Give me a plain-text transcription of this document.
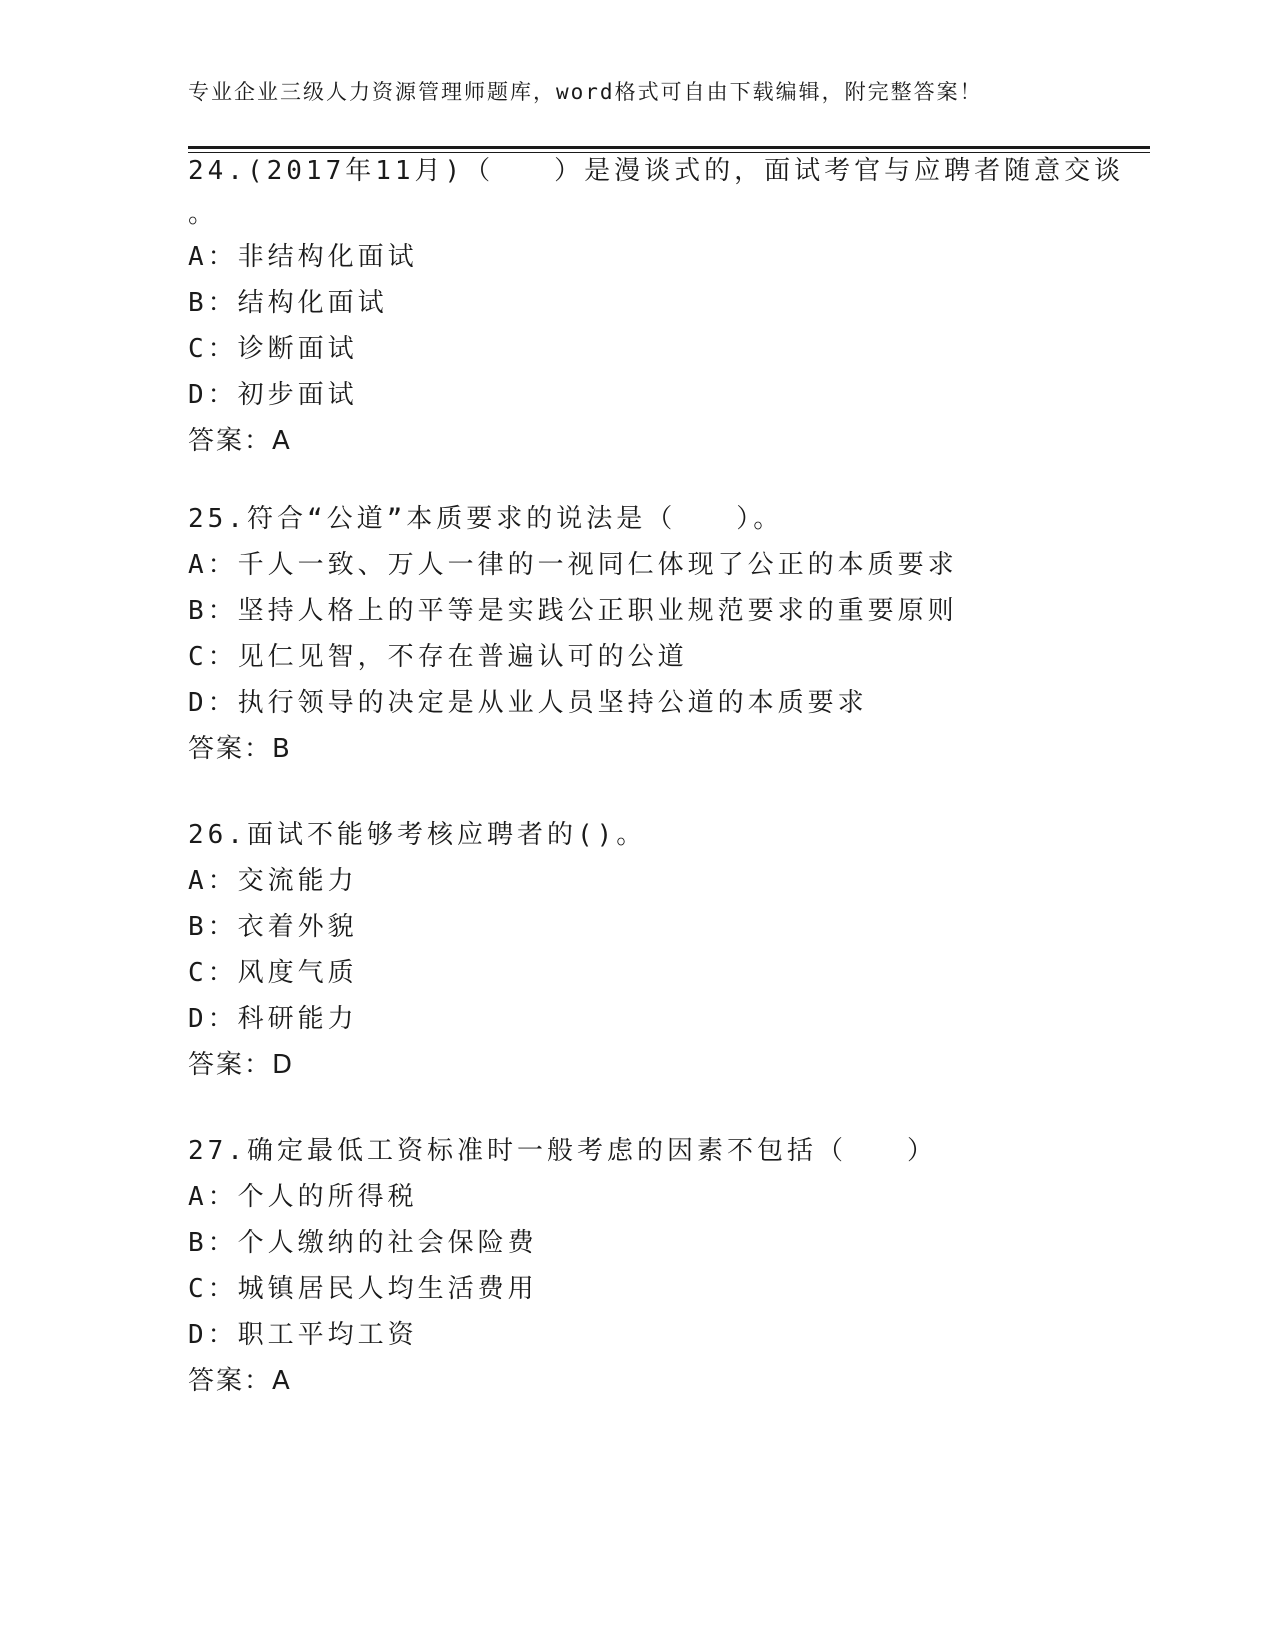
专业企业三级人力资源管理师题库，word格式可自由下载编辑，附完整答案！
24.(2017年11月)（　　）是漫谈式的，面试考官与应聘者随意交谈
。
A：非结构化面试
B：结构化面试
C：诊断面试
D：初步面试
答案：A
25.符合“公道”本质要求的说法是（　　）。
A：千人一致、万人一律的一视同仁体现了公正的本质要求
B：坚持人格上的平等是实践公正职业规范要求的重要原则
C：见仁见智，不存在普遍认可的公道
D：执行领导的决定是从业人员坚持公道的本质要求
答案：B
26.面试不能够考核应聘者的()。
A：交流能力
B：衣着外貌
C：风度气质
D：科研能力
答案：D
27.确定最低工资标准时一般考虑的因素不包括（　　）
A：个人的所得税
B：个人缴纳的社会保险费
C：城镇居民人均生活费用
D：职工平均工资
答案：A
